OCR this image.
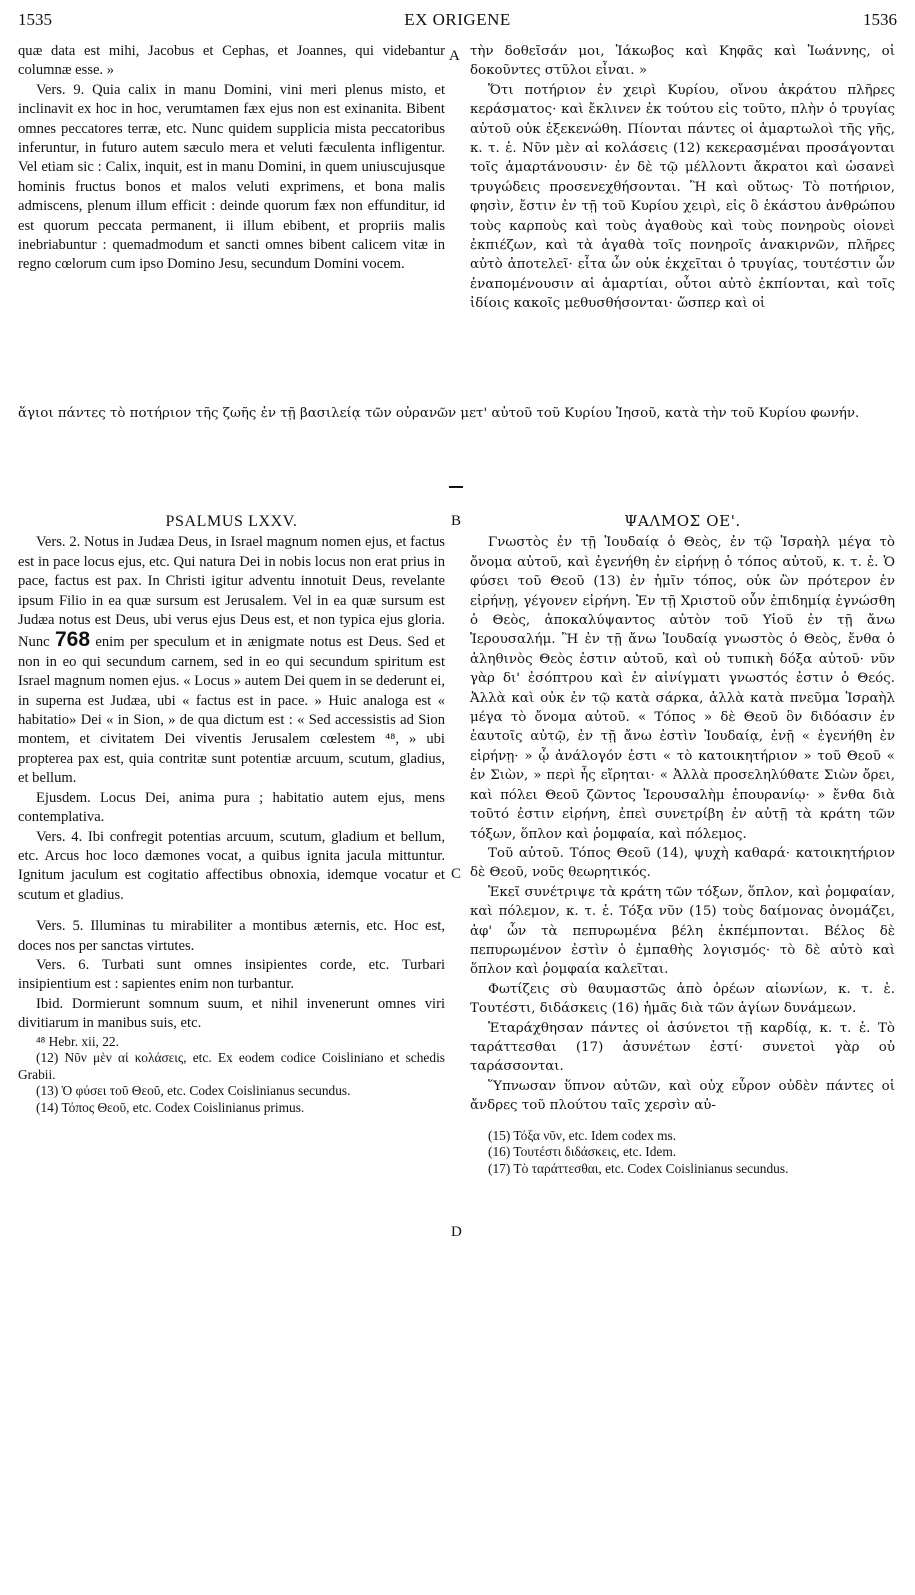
1535	EX ORIGENE	1536
A
B
C
D

quæ data est mihi, Jacobus et Cephas, et Joannes, qui videbantur columnæ esse. »

Vers. 9. Quia calix in manu Domini, vini meri plenus misto, et inclinavit ex hoc in hoc, verumtamen fæx ejus non est exinanita. Bibent omnes peccatores terræ, etc. Nunc quidem supplicia mista peccatoribus inferuntur, in futuro autem sæculo mera et veluti fæculenta infligentur. Vel etiam sic : Calix, inquit, est in manu Domini, in quem uniuscujusque hominis fructus bonos et malos veluti exprimens, et bona malis admiscens, plenum illum efficit : deinde quorum fæx non effunditur, id est quorum peccata permanent, ii illum ebibent, et propriis malis inebriabuntur : quemadmodum et sancti omnes bibent calicem vitæ in regno cœlorum cum ipso Domino Jesu, secundum Domini vocem.

τὴν δοθεῖσάν μοι, Ἰάκωβος καὶ Κηφᾶς καὶ Ἰωάννης, οἱ δοκοῦντες στῦλοι εἶναι. »

Ὅτι ποτήριον ἐν χειρὶ Κυρίου, οἴνου ἀκράτου πλῆρες κεράσματος· καὶ ἔκλινεν ἐκ τούτου εἰς τοῦτο, πλὴν ὁ τρυγίας αὐτοῦ οὐκ ἐξεκενώθη. Πίονται πάντες οἱ ἁμαρτωλοὶ τῆς γῆς, κ. τ. ἑ. Νῦν μὲν αἱ κολάσεις (12) κεκερασμέναι προσάγονται τοῖς ἁμαρτάνουσιν· ἐν δὲ τῷ μέλλοντι ἄκρατοι καὶ ὡσανεὶ τρυγώδεις προσενεχθήσονται. Ἢ καὶ οὕτως· Τὸ ποτήριον, φησὶν, ἔστιν ἐν τῇ τοῦ Κυρίου χειρὶ, εἰς ὃ ἑκάστου ἀνθρώπου τοὺς καρποὺς καὶ τοὺς ἀγαθοὺς καὶ τοὺς πονηροὺς οἱονεὶ ἐκπιέζων, καὶ τὰ ἀγαθὰ τοῖς πονηροῖς ἀνακιρνῶν, πλῆρες αὐτὸ ἀποτελεῖ· εἶτα ὧν οὐκ ἐκχεῖται ὁ τρυγίας, τουτέστιν ὧν ἐναπομένουσιν αἱ ἁμαρτίαι, οὗτοι αὐτὸ ἐκπίονται, καὶ τοῖς ἰδίοις κακοῖς μεθυσθήσονται· ὥσπερ καὶ οἱ

ἅγιοι πάντες τὸ ποτήριον τῆς ζωῆς ἐν τῇ βασιλείᾳ τῶν οὐρανῶν μετ' αὐτοῦ τοῦ Κυρίου Ἰησοῦ, κατὰ τὴν τοῦ Κυρίου φωνήν.

PSALMUS LXXV.

Vers. 2. Notus in Judæa Deus, in Israel magnum nomen ejus, et factus est in pace locus ejus, etc. Qui natura Dei in nobis locus non erat prius in pace, factus est pax. In Christi igitur adventu innotuit Deus, revelante ipsum Filio in ea quæ sursum est Jerusalem. Vel in ea quæ sursum est Judæa notus est Deus, ubi verus ejus Deus est, et non typica ejus gloria. Nunc 768 enim per speculum et in ænigmate notus est Deus. Sed et non in eo qui secundum carnem, sed in eo qui secundum spiritum est Israel magnum nomen ejus. « Locus » autem Dei quem in se dederunt ei, in superna est Judæa, ubi « factus est in pace. » Huic analoga est « habitatio» Dei « in Sion, » de qua dictum est : « Sed accessistis ad Sion montem, et civitatem Dei viventis Jerusalem cœlestem ⁴⁸, » ubi propterea pax est, quia contritæ sunt potentiæ arcuum, scutum, gladius, et bellum.

Ejusdem. Locus Dei, anima pura ; habitatio autem ejus, mens contemplativa.

Vers. 4. Ibi confregit potentias arcuum, scutum, gladium et bellum, etc. Arcus hoc loco dæmones vocat, a quibus ignita jacula mittuntur. Ignitum jaculum est cogitatio affectibus obnoxia, idemque vocatur et scutum et gladius.

Vers. 5. Illuminas tu mirabiliter a montibus æternis, etc. Hoc est, doces nos per sanctas virtutes.

Vers. 6. Turbati sunt omnes insipientes corde, etc. Turbari insipientium est : sapientes enim non turbantur.

Ibid. Dormierunt somnum suum, et nihil invenerunt omnes viri divitiarum in manibus suis, etc.

⁴⁸ Hebr. xii, 22.

(12) Νῦν μὲν αἱ κολάσεις, etc. Ex eodem codice Coisliniano et schedis Grabii.

(13) Ὁ φύσει τοῦ Θεοῦ, etc. Codex Coislinianus secundus.

(14) Τόπος Θεοῦ, etc. Codex Coislinianus primus.

ΨΑΛΜΟΣ ΟΕ'.

Γνωστὸς ἐν τῇ Ἰουδαίᾳ ὁ Θεὸς, ἐν τῷ Ἰσραὴλ μέγα τὸ ὄνομα αὐτοῦ, καὶ ἐγενήθη ἐν εἰρήνῃ ὁ τόπος αὐτοῦ, κ. τ. ἑ. Ὁ φύσει τοῦ Θεοῦ (13) ἐν ἡμῖν τόπος, οὐκ ὢν πρότερον ἐν εἰρήνῃ, γέγονεν εἰρήνη. Ἐν τῇ Χριστοῦ οὖν ἐπιδημίᾳ ἐγνώσθη ὁ Θεὸς, ἀποκαλύψαντος αὐτὸν τοῦ Υἱοῦ ἐν τῇ ἄνω Ἱερουσαλήμ. Ἢ ἐν τῇ ἄνω Ἰουδαίᾳ γνωστὸς ὁ Θεὸς, ἔνθα ὁ ἀληθινὸς Θεὸς ἐστιν αὐτοῦ, καὶ οὐ τυπικὴ δόξα αὐτοῦ· νῦν γὰρ δι' ἐσόπτρου καὶ ἐν αἰνίγματι γνωστός ἐστιν ὁ Θεός. Ἀλλὰ καὶ οὐκ ἐν τῷ κατὰ σάρκα, ἀλλὰ κατὰ πνεῦμα Ἰσραὴλ μέγα τὸ ὄνομα αὐτοῦ. « Τόπος » δὲ Θεοῦ ὃν διδόασιν ἐν ἑαυτοῖς αὐτῷ, ἐν τῇ ἄνω ἐστὶν Ἰουδαίᾳ, ἐνῇ « ἐγενήθη ἐν εἰρήνῃ· » ᾧ ἀνάλογόν ἐστι « τὸ κατοικητήριον » τοῦ Θεοῦ « ἐν Σιὼν, » περὶ ἧς εἴρηται· « Ἀλλὰ προσεληλύθατε Σιὼν ὄρει, καὶ πόλει Θεοῦ ζῶντος Ἱερουσαλὴμ ἐπουρανίῳ· » ἔνθα διὰ τοῦτό ἐστιν εἰρήνη, ἐπεὶ συνετρίβη ἐν αὐτῇ τὰ κράτη τῶν τόξων, ὅπλον καὶ ῥομφαία, καὶ πόλεμος.

Τοῦ αὐτοῦ. Τόπος Θεοῦ (14), ψυχὴ καθαρά· κατοικητήριον δὲ Θεοῦ, νοῦς θεωρητικός.

Ἐκεῖ συνέτριψε τὰ κράτη τῶν τόξων, ὅπλον, καὶ ῥομφαίαν, καὶ πόλεμον, κ. τ. ἑ. Τόξα νῦν (15) τοὺς δαίμονας ὀνομάζει, ἀφ' ὧν τὰ πεπυρωμένα βέλη ἐκπέμπονται. Βέλος δὲ πεπυρωμένον ἐστὶν ὁ ἐμπαθὴς λογισμός· τὸ δὲ αὐτὸ καὶ ὅπλον καὶ ῥομφαία καλεῖται.

Φωτίζεις σὺ θαυμαστῶς ἀπὸ ὀρέων αἰωνίων, κ. τ. ἑ. Τουτέστι, διδάσκεις (16) ἡμᾶς διὰ τῶν ἁγίων δυνάμεων.

Ἐταράχθησαν πάντες οἱ ἀσύνετοι τῇ καρδίᾳ, κ. τ. ἑ. Τὸ ταράττεσθαι (17) ἀσυνέτων ἐστί· συνετοὶ γὰρ οὐ ταράσσονται.

Ὕπνωσαν ὕπνον αὐτῶν, καὶ οὐχ εὗρον οὐδὲν πάντες οἱ ἄνδρες τοῦ πλούτου ταῖς χερσὶν αὐ-

(15) Τόξα νῦν, etc. Idem codex ms.

(16) Τουτέστι διδάσκεις, etc. Idem.

(17) Τὸ ταράττεσθαι, etc. Codex Coislinianus secundus.
